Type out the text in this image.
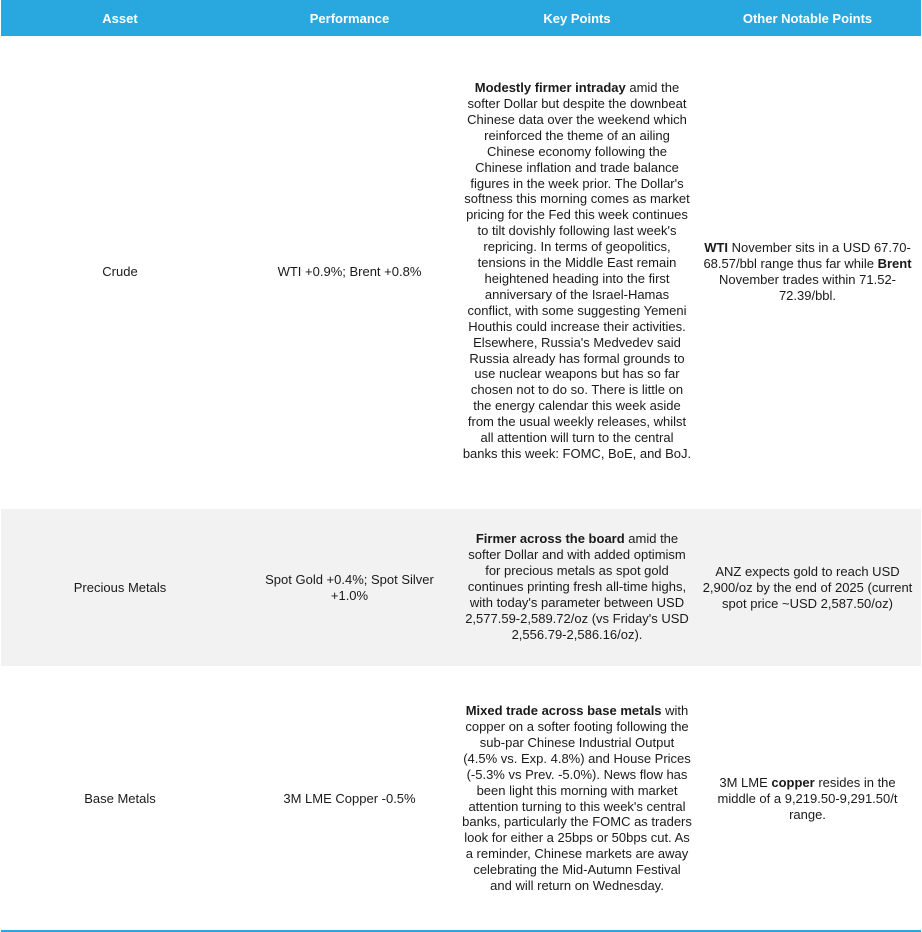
Asset	Performance	Key Points	Other Notable Points
Crude	WTI +0.9%; Brent +0.8%	Modestly firmer intraday amid the softer Dollar but despite the downbeat Chinese data over the weekend which reinforced the theme of an ailing Chinese economy following the Chinese inflation and trade balance figures in the week prior. The Dollar's softness this morning comes as market pricing for the Fed this week continues to tilt dovishly following last week's repricing. In terms of geopolitics, tensions in the Middle East remain heightened heading into the first anniversary of the Israel-Hamas conflict, with some suggesting Yemeni Houthis could increase their activities. Elsewhere, Russia's Medvedev said Russia already has formal grounds to use nuclear weapons but has so far chosen not to do so. There is little on the energy calendar this week aside from the usual weekly releases, whilst all attention will turn to the central banks this week: FOMC, BoE, and BoJ.	WTI November sits in a USD 67.70-68.57/bbl range thus far while Brent November trades within 71.52-72.39/bbl.
Precious Metals	Spot Gold +0.4%; Spot Silver +1.0%	Firmer across the board amid the softer Dollar and with added optimism for precious metals as spot gold continues printing fresh all-time highs, with today's parameter between USD 2,577.59-2,589.72/oz (vs Friday's USD 2,556.79-2,586.16/oz).	ANZ expects gold to reach USD 2,900/oz by the end of 2025 (current spot price ~USD 2,587.50/oz)
Base Metals	3M LME Copper -0.5%	Mixed trade across base metals with copper on a softer footing following the sub-par Chinese Industrial Output (4.5% vs. Exp. 4.8%) and House Prices (-5.3% vs Prev. -5.0%). News flow has been light this morning with market attention turning to this week's central banks, particularly the FOMC as traders look for either a 25bps or 50bps cut. As a reminder, Chinese markets are away celebrating the Mid-Autumn Festival and will return on Wednesday.	3M LME copper resides in the middle of a 9,219.50-9,291.50/t range.
